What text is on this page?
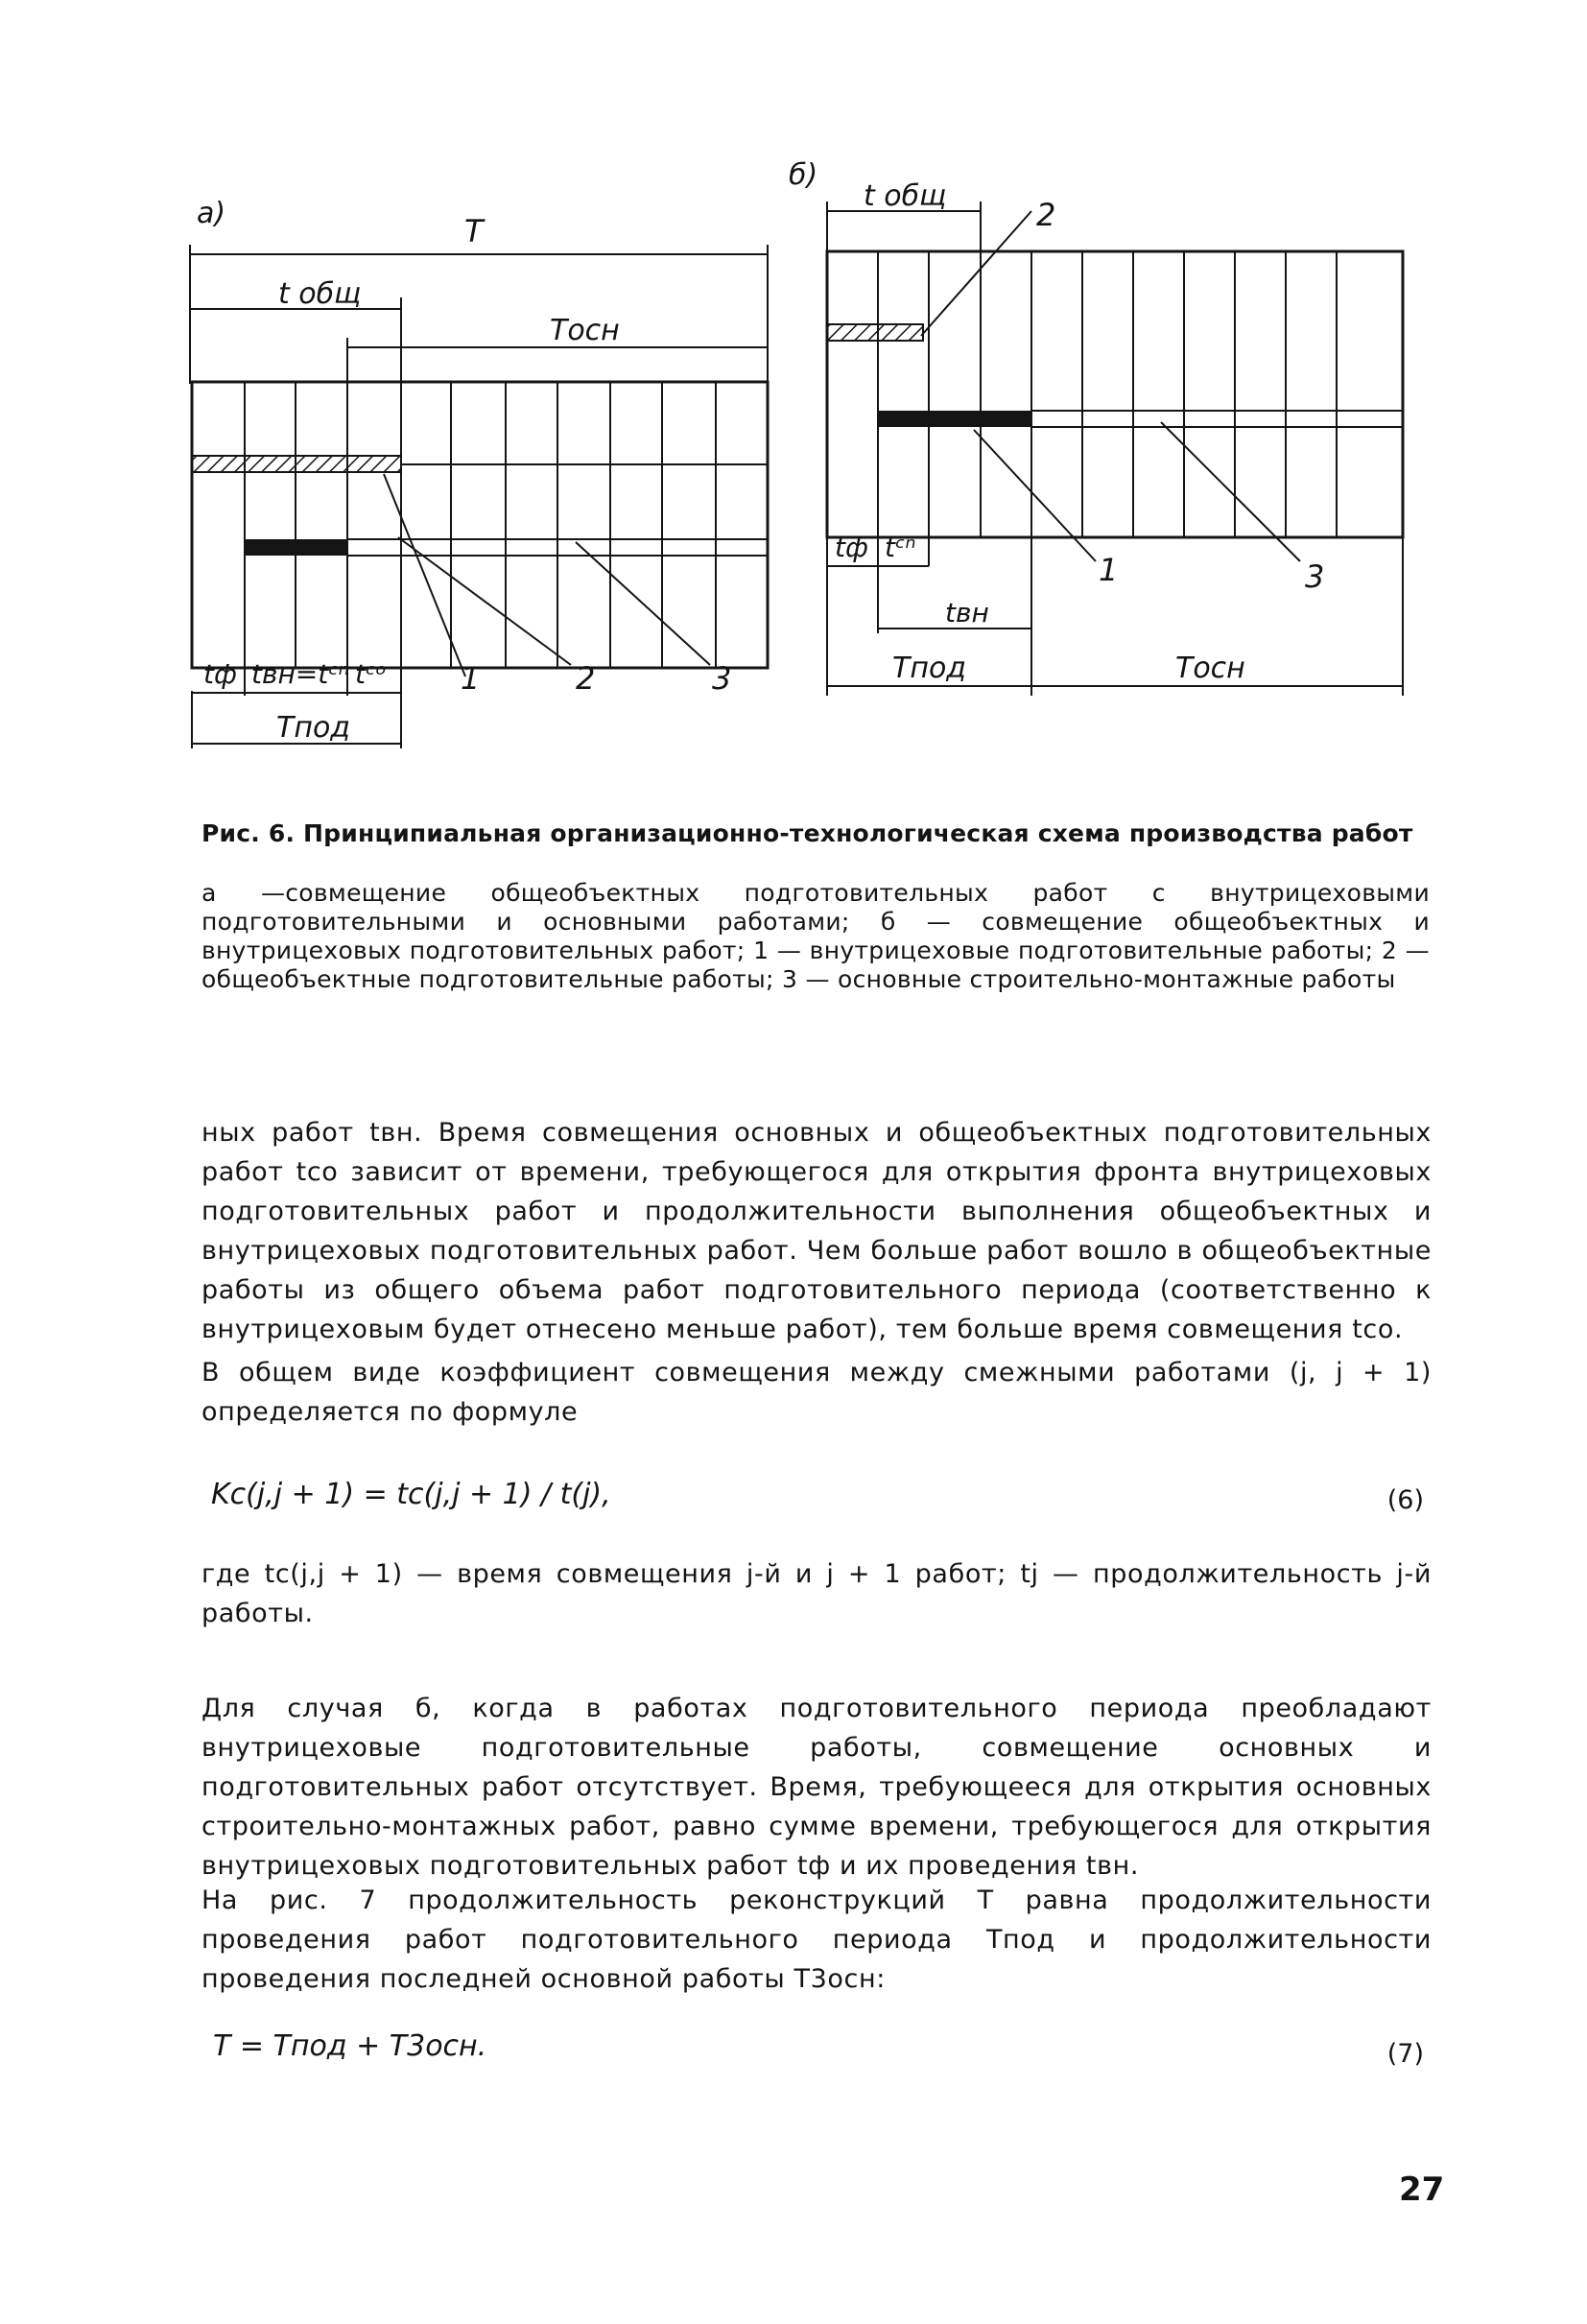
а)	T
t общ
Tосн
1	2	3
tф tвн=tᶜⁿ tᶜᵒ
Tпод
б)
t общ
2
1	3
tф tᶜⁿ
tвн
Tпод	Tосн
Рис. 6. Принципиальная организационно-технологическая схема производства работ
а —совмещение общеобъектных подготовительных работ с внутрицеховыми подготовительными и основными работами; б — совмещение общеобъектных и внутрицеховых подготовительных работ; 1 — внутрицеховые подготовительные работы; 2 — общеобъектные подготовительные работы; 3 — основные строительно-монтажные работы
ных работ tвн. Время совмещения основных и общеобъектных подготовительных работ tсо зависит от времени, требующегося для открытия фронта внутрицеховых подготовительных работ и продолжительности выполнения общеобъектных и внутрицеховых подготовительных работ. Чем больше работ вошло в общеобъектные работы из общего объема работ подготовительного периода (соответственно к внутрицеховым будет отнесено меньше работ), тем больше время совмещения tсо.
В общем виде коэффициент совмещения между смежными работами (j, j + 1) определяется по формуле
Kс(j,j + 1) = tс(j,j + 1) / t(j),	(6)
где tс(j,j + 1) — время совмещения j-й и j + 1 работ; tj — продолжительность j-й работы.
Для случая б, когда в работах подготовительного периода преобладают внутрицеховые подготовительные работы, совмещение основных и подготовительных работ отсутствует. Время, требующееся для открытия основных строительно-монтажных работ, равно сумме времени, требующегося для открытия внутрицеховых подготовительных работ tф и их проведения tвн.
На рис. 7 продолжительность реконструкций T равна продолжительности проведения работ подготовительного периода Tпод и продолжительности проведения последней основной работы T3осн:
T = Tпод + T3осн.	(7)
27
